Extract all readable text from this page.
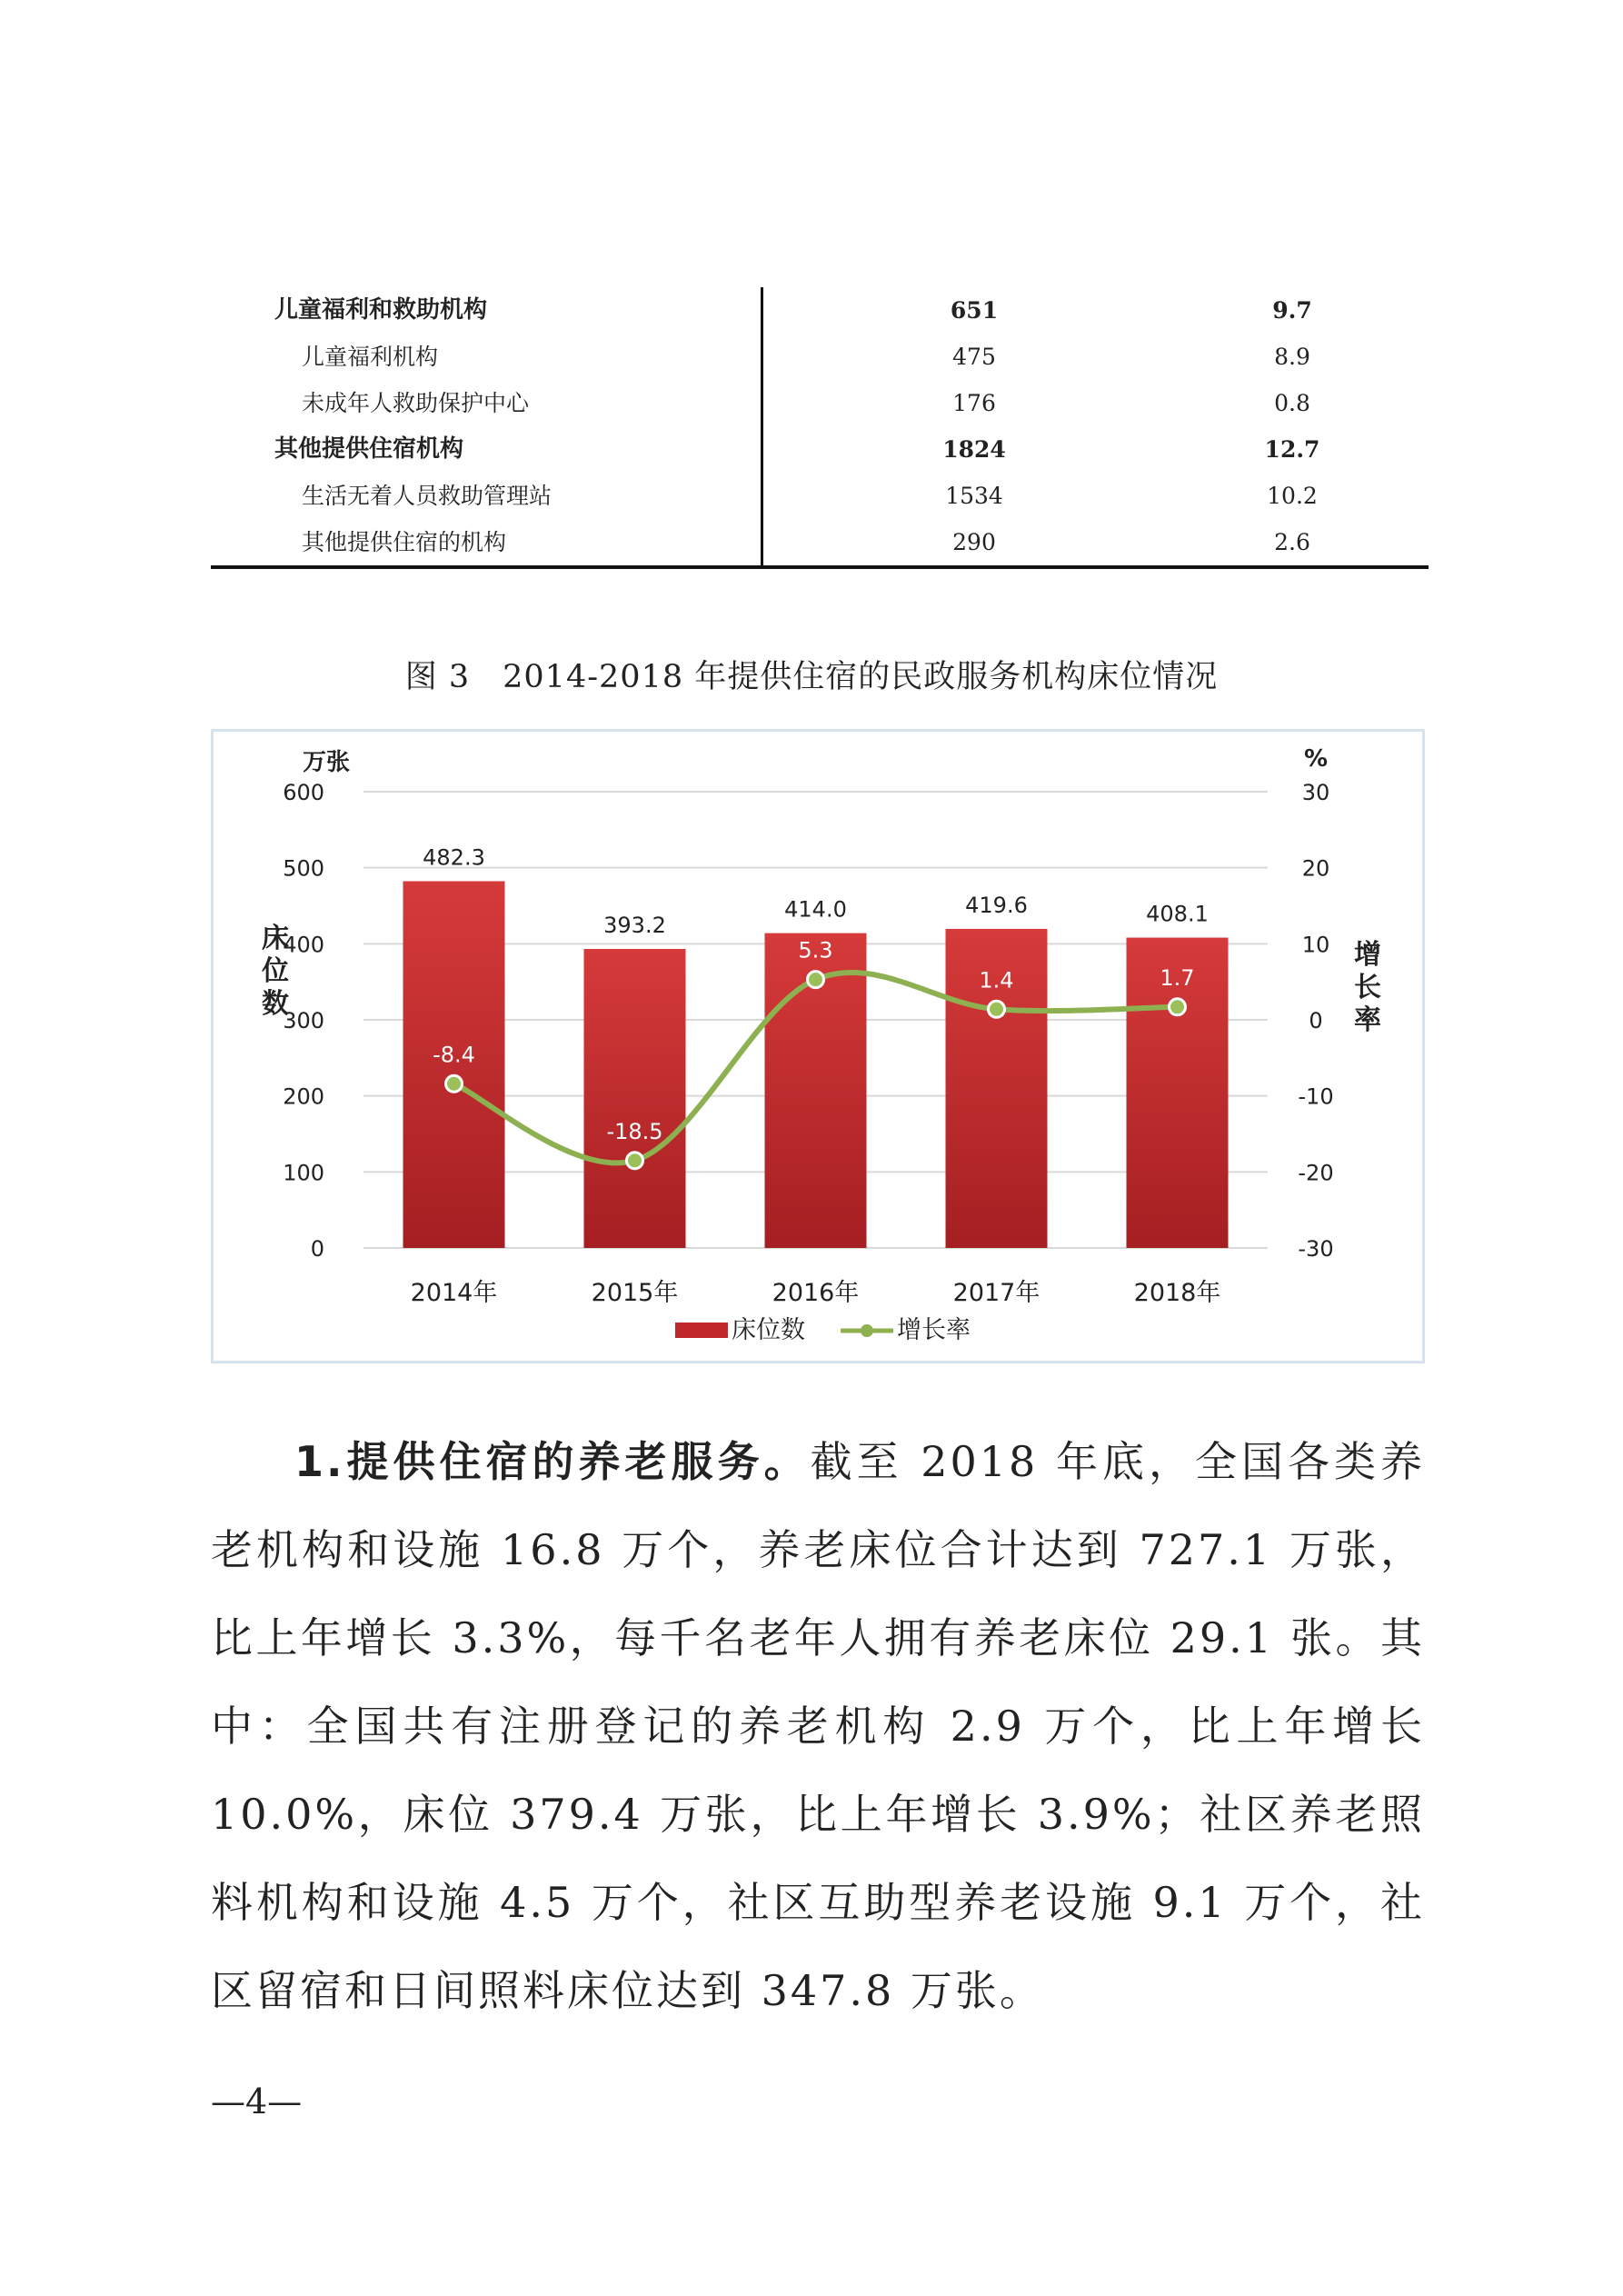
儿童福利和救助机构	651	9.7
儿童福利机构	475	8.9
未成年人救助保护中心	176	0.8
其他提供住宿机构	1824	12.7
生活无着人员救助管理站	1534	10.2
其他提供住宿的机构	290	2.6
图 3　2014-2018 年提供住宿的民政服务机构床位情况
482.3
393.2
414.0	419.6	408.1
-8.4
-18.5
5.3
1.4	1.7
万张	%
0
100
200
300
400
500
600
-30
-20
-10
0
10
20
30
床
位
数
增
长
率
2014年	2015年	2016年	2017年	2018年
床位数	增长率
1.提供住宿的养老服务。截至 2018 年底，全国各类养老机构和设施 16.8 万个，养老床位合计达到 727.1 万张，比上年增长 3.3%，每千名老年人拥有养老床位 29.1 张。其中：全国共有注册登记的养老机构 2.9 万个，比上年增长 10.0%，床位 379.4 万张，比上年增长 3.9%；社区养老照料机构和设施 4.5 万个，社区互助型养老设施 9.1 万个，社区留宿和日间照料床位达到 347.8 万张。
—4—
